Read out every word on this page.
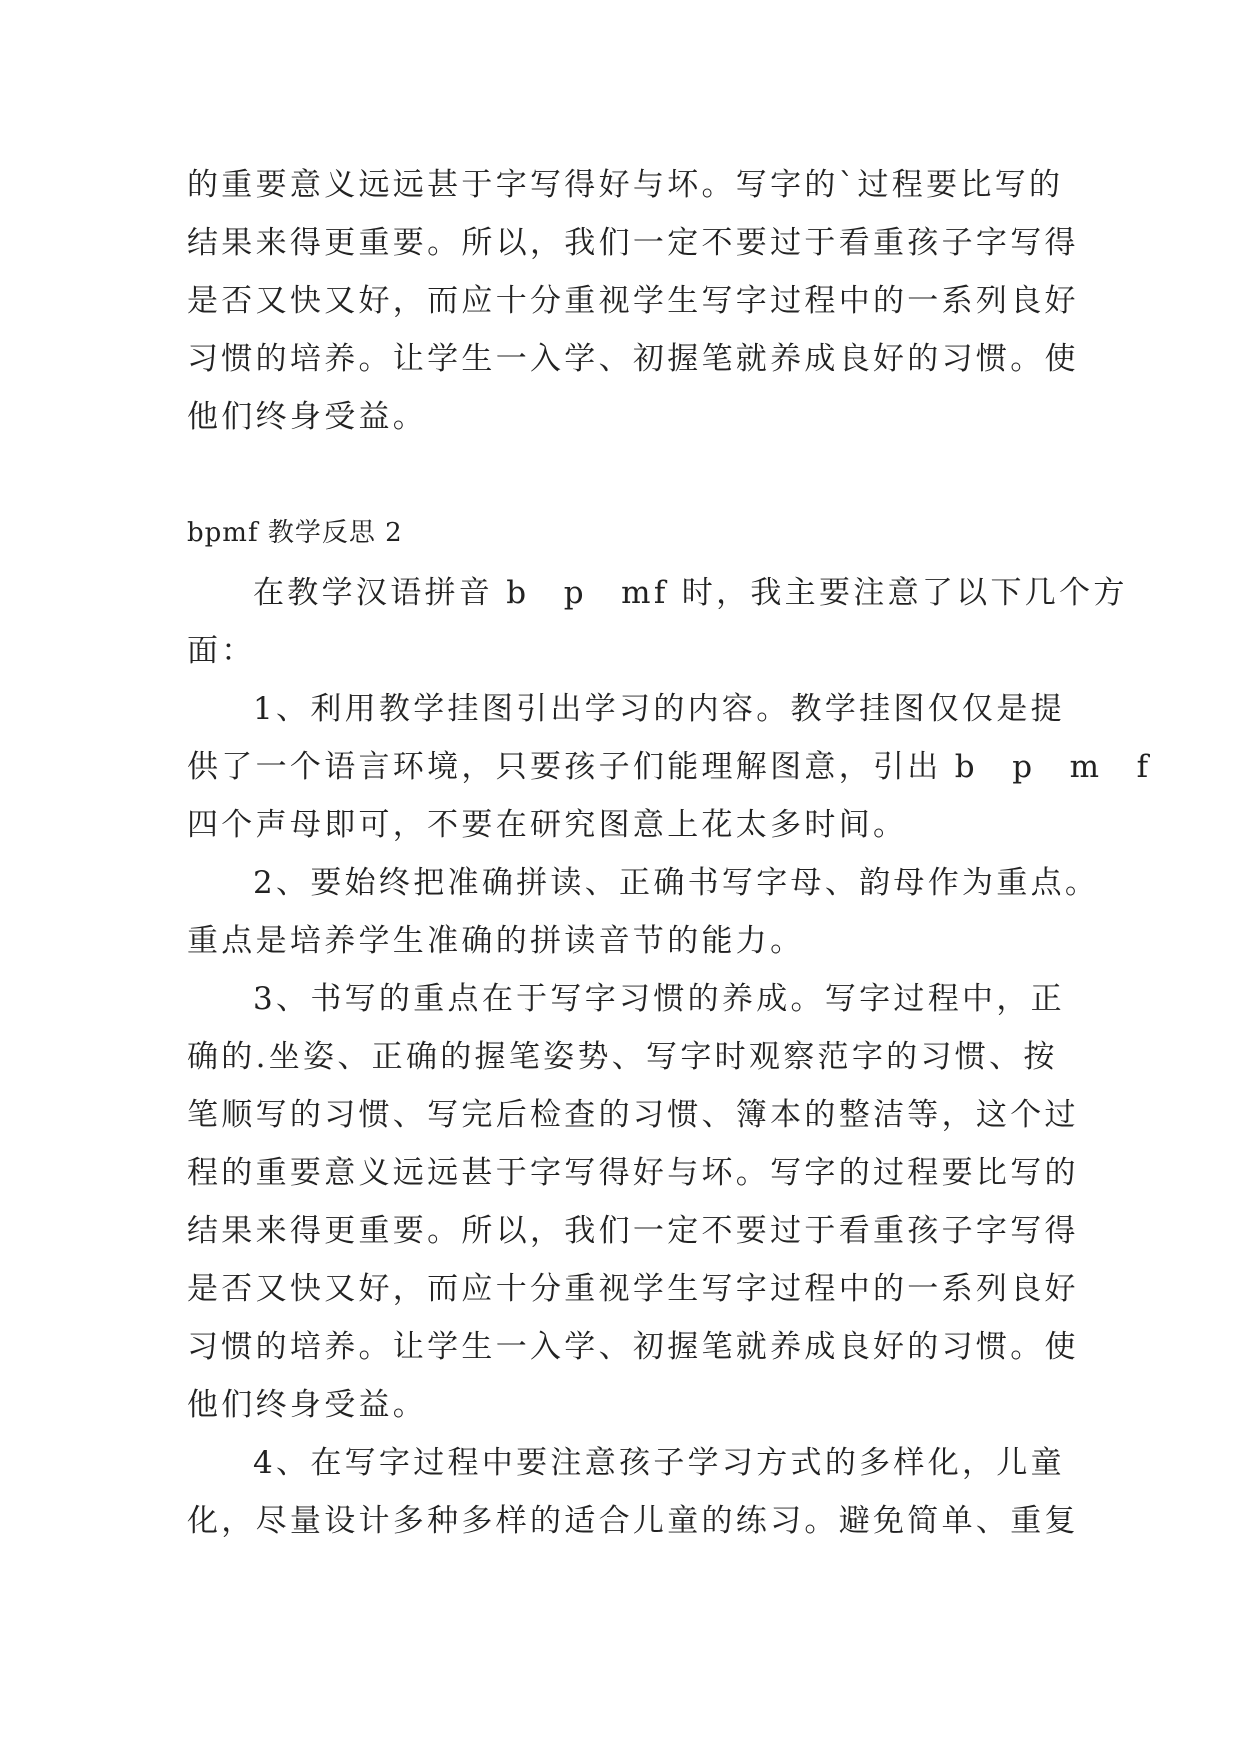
的重要意义远远甚于字写得好与坏。写字的`过程要比写的
结果来得更重要。所以，我们一定不要过于看重孩子字写得
是否又快又好，而应十分重视学生写字过程中的一系列良好
习惯的培养。让学生一入学、初握笔就养成良好的习惯。使
他们终身受益。
bpmf 教学反思 2
在教学汉语拼音 b　p　mf 时，我主要注意了以下几个方
面：
1、利用教学挂图引出学习的内容。教学挂图仅仅是提
供了一个语言环境，只要孩子们能理解图意，引出 b　p　m　f
四个声母即可，不要在研究图意上花太多时间。
2、要始终把准确拼读、正确书写字母、韵母作为重点。
重点是培养学生准确的拼读音节的能力。
3、书写的重点在于写字习惯的养成。写字过程中，正
确的.坐姿、正确的握笔姿势、写字时观察范字的习惯、按
笔顺写的习惯、写完后检查的习惯、簿本的整洁等，这个过
程的重要意义远远甚于字写得好与坏。写字的过程要比写的
结果来得更重要。所以，我们一定不要过于看重孩子字写得
是否又快又好，而应十分重视学生写字过程中的一系列良好
习惯的培养。让学生一入学、初握笔就养成良好的习惯。使
他们终身受益。
4、在写字过程中要注意孩子学习方式的多样化，儿童
化，尽量设计多种多样的适合儿童的练习。避免简单、重复
